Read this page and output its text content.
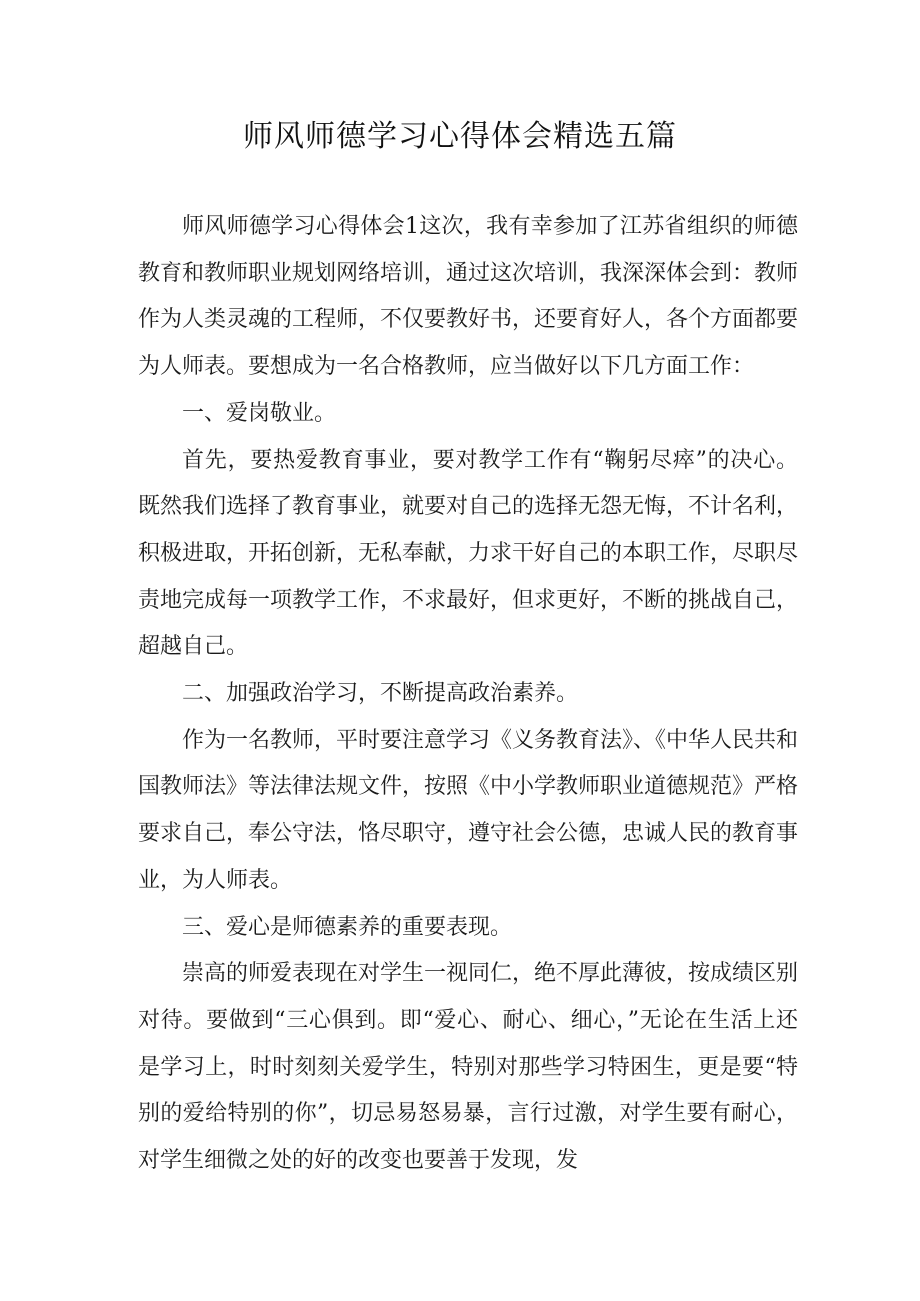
师风师德学习心得体会精选五篇

师风师德学习心得体会1这次，我有幸参加了江苏省组织的师德教育和教师职业规划网络培训，通过这次培训，我深深体会到：教师作为人类灵魂的工程师，不仅要教好书，还要育好人，各个方面都要为人师表。要想成为一名合格教师，应当做好以下几方面工作：

一、爱岗敬业。

首先，要热爱教育事业，要对教学工作有“鞠躬尽瘁”的决心。既然我们选择了教育事业，就要对自己的选择无怨无悔，不计名利，积极进取，开拓创新，无私奉献，力求干好自己的本职工作，尽职尽责地完成每一项教学工作，不求最好，但求更好，不断的挑战自己，超越自己。

二、加强政治学习，不断提高政治素养。

作为一名教师，平时要注意学习《义务教育法》、《中华人民共和国教师法》等法律法规文件，按照《中小学教师职业道德规范》严格要求自己，奉公守法，恪尽职守，遵守社会公德，忠诚人民的教育事业，为人师表。

三、爱心是师德素养的重要表现。

崇高的师爱表现在对学生一视同仁，绝不厚此薄彼，按成绩区别对待。要做到“三心俱到。即“爱心、耐心、细心，”无论在生活上还是学习上，时时刻刻关爱学生，特别对那些学习特困生，更是要“特别的爱给特别的你”，切忌易怒易暴，言行过激，对学生要有耐心，对学生细微之处的好的改变也要善于发现，发
